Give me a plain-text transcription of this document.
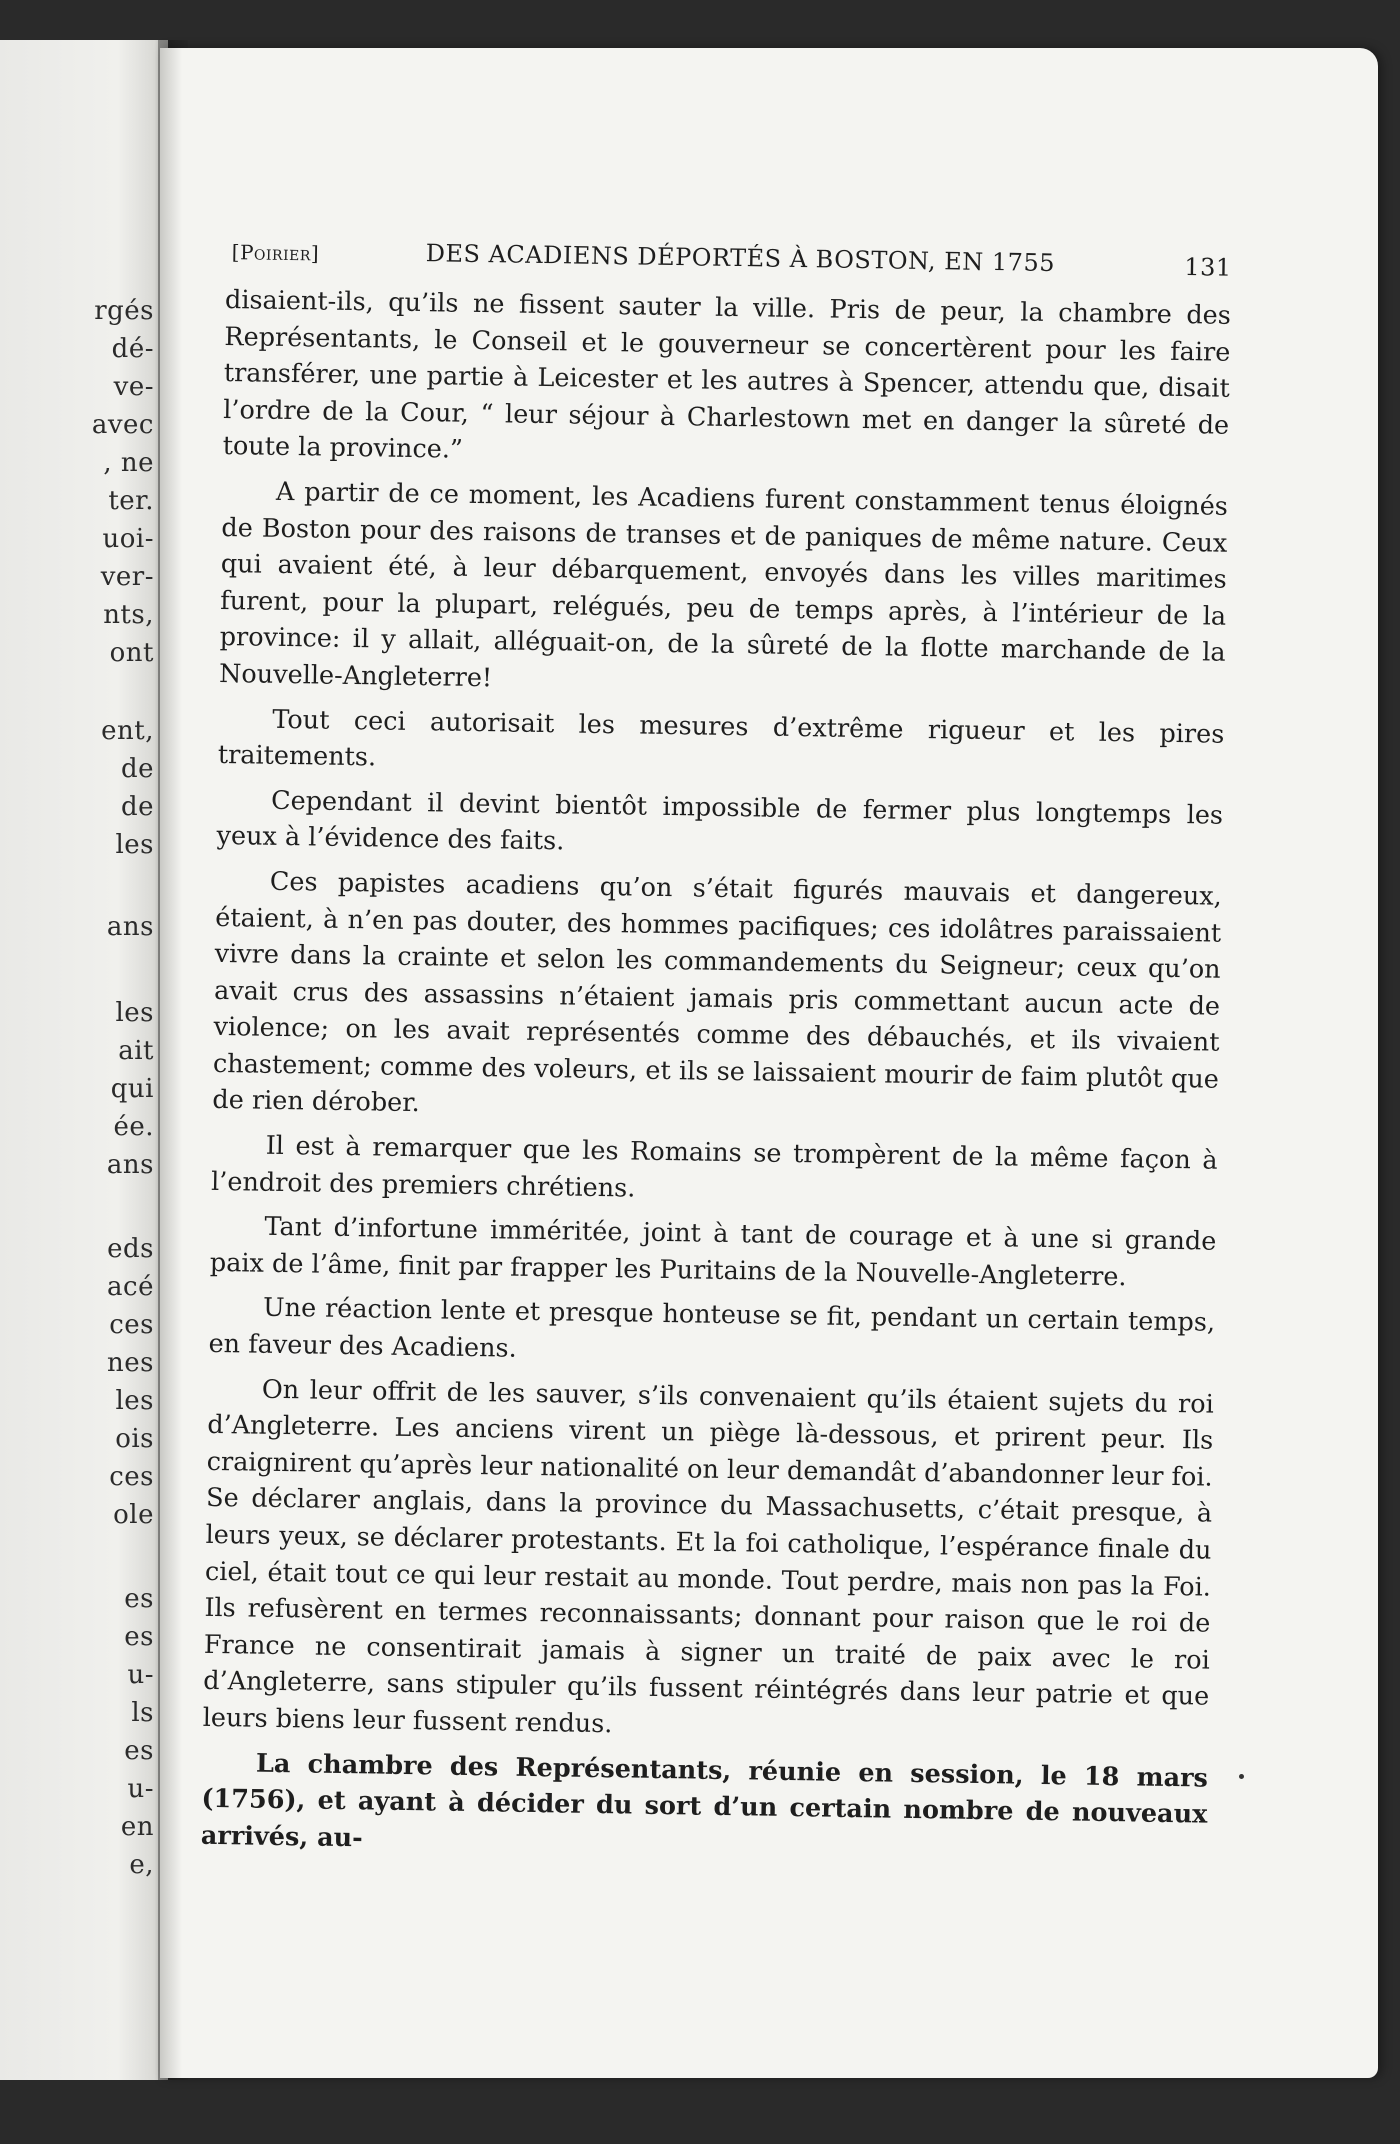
rgés
dé-
ve-
avec
, ne
ter.
uoi-
ver-
nts,
ont
ent,
de
de
les
ans
les
ait
qui
ée.
ans
eds
acé
ces
nes
les
ois
ces
ole
es
es
u-
ls
es
u-
en
e,
[Poirier]	DES ACADIENS DÉPORTÉS À BOSTON, EN 1755	131

disaient-ils, qu’ils ne fissent sauter la ville. Pris de peur, la chambre des Représentants, le Conseil et le gouverneur se concertèrent pour les faire transférer, une partie à Leicester et les autres à Spencer, attendu que, disait l’ordre de la Cour, “ leur séjour à Charlestown met en danger la sûreté de toute la province.”

A partir de ce moment, les Acadiens furent constamment tenus éloignés de Boston pour des raisons de transes et de paniques de même nature. Ceux qui avaient été, à leur débarquement, envoyés dans les villes maritimes furent, pour la plupart, relégués, peu de temps après, à l’intérieur de la province: il y allait, alléguait-on, de la sûreté de la flotte marchande de la Nouvelle-Angleterre!

Tout ceci autorisait les mesures d’extrême rigueur et les pires traitements.

Cependant il devint bientôt impossible de fermer plus longtemps les yeux à l’évidence des faits.

Ces papistes acadiens qu’on s’était figurés mauvais et dangereux, étaient, à n’en pas douter, des hommes pacifiques; ces idolâtres paraissaient vivre dans la crainte et selon les commandements du Seigneur; ceux qu’on avait crus des assassins n’étaient jamais pris commettant aucun acte de violence; on les avait représentés comme des débauchés, et ils vivaient chastement; comme des voleurs, et ils se laissaient mourir de faim plutôt que de rien dérober.

Il est à remarquer que les Romains se trompèrent de la même façon à l’endroit des premiers chrétiens.

Tant d’infortune imméritée, joint à tant de courage et à une si grande paix de l’âme, finit par frapper les Puritains de la Nouvelle-Angleterre.

Une réaction lente et presque honteuse se fit, pendant un certain temps, en faveur des Acadiens.

On leur offrit de les sauver, s’ils convenaient qu’ils étaient sujets du roi d’Angleterre. Les anciens virent un piège là-dessous, et prirent peur. Ils craignirent qu’après leur nationalité on leur demandât d’abandonner leur foi. Se déclarer anglais, dans la province du Massachusetts, c’était presque, à leurs yeux, se déclarer protestants. Et la foi catholique, l’espérance finale du ciel, était tout ce qui leur restait au monde. Tout perdre, mais non pas la Foi. Ils refusèrent en termes reconnaissants; donnant pour raison que le roi de France ne consentirait jamais à signer un traité de paix avec le roi d’Angleterre, sans stipuler qu’ils fussent réintégrés dans leur patrie et que leurs biens leur fussent rendus.

La chambre des Représentants, réunie en session, le 18 mars (1756), et ayant à décider du sort d’un certain nombre de nouveaux arrivés, au-
